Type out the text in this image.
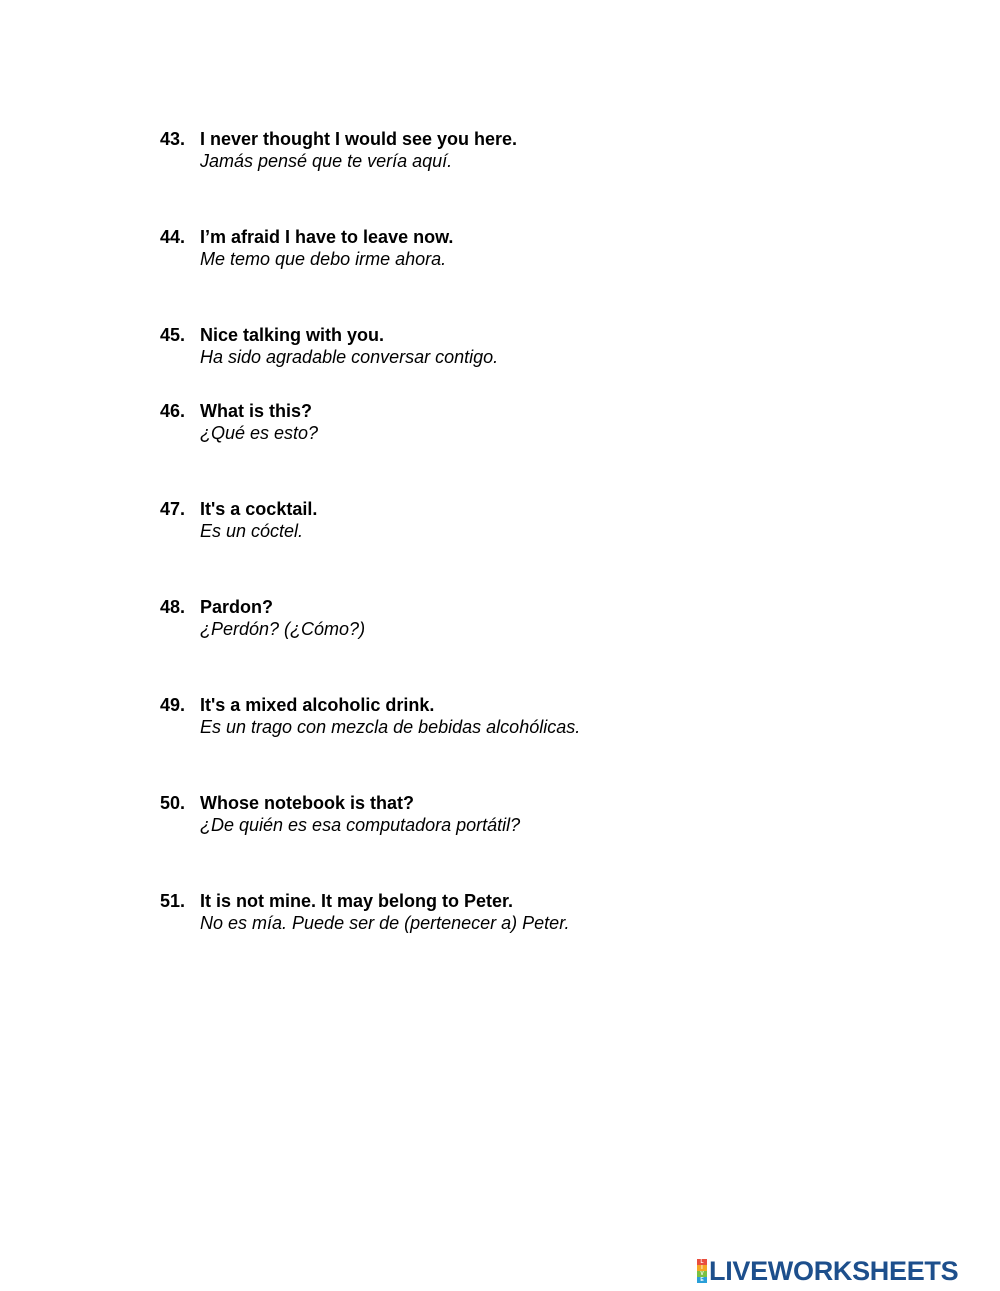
43. I never thought I would see you here.
Jamás pensé que te vería aquí.
44. I’m afraid I have to leave now.
Me temo que debo irme ahora.
45. Nice talking with you.
Ha sido agradable conversar contigo.
46. What is this?
¿Qué es esto?
47. It's a cocktail.
Es un cóctel.
48. Pardon?
¿Perdón? (¿Cómo?)
49. It's a mixed alcoholic drink.
Es un trago con mezcla de bebidas alcohólicas.
50. Whose notebook is that?
¿De quién es esa computadora portátil?
51. It is not mine. It may belong to Peter.
No es mía. Puede ser de (pertenecer a) Peter.
L
I
V
E LIVEWORKSHEETS
